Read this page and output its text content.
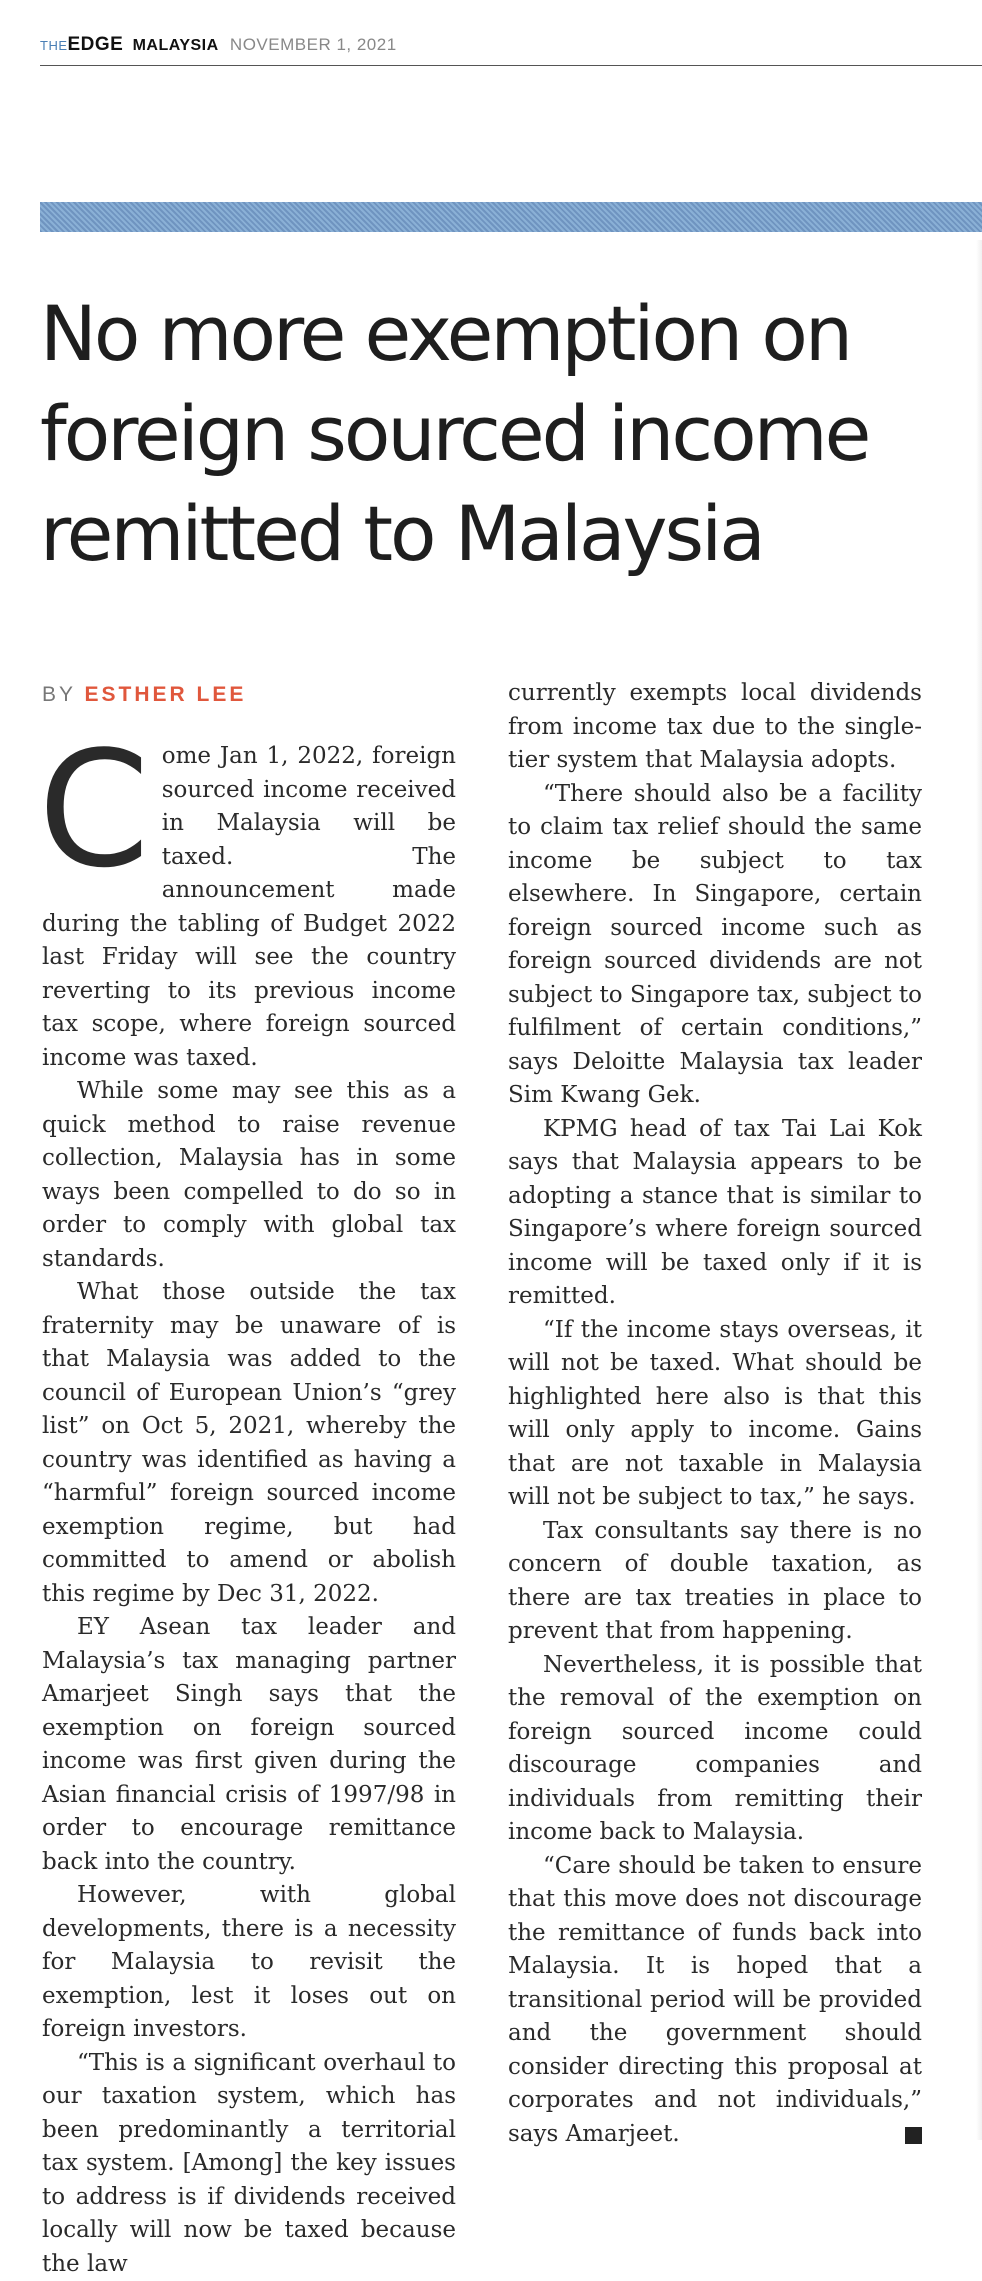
THEEDGE MALAYSIA NOVEMBER 1, 2021
No more exemption on foreign sourced income remitted to Malaysia
BY ESTHER LEE
C ome Jan 1, 2022, foreign sourced income received in Malaysia will be taxed. The announcement made during the tabling of Budget 2022 last Friday will see the country reverting to its previous income tax scope, where foreign sourced income was taxed.

While some may see this as a quick method to raise revenue collection, Malaysia has in some ways been compelled to do so in order to comply with global tax standards.

What those outside the tax fraternity may be unaware of is that Malaysia was added to the council of European Union’s “grey list” on Oct 5, 2021, whereby the country was identified as having a “harmful” foreign sourced income exemption regime, but had committed to amend or abolish this regime by Dec 31, 2022.

EY Asean tax leader and Malaysia’s tax managing partner Amarjeet Singh says that the exemption on foreign sourced income was first given during the Asian financial crisis of 1997/98 in order to encourage remittance back into the country.

However, with global developments, there is a necessity for Malaysia to revisit the exemption, lest it loses out on foreign investors.

“This is a significant overhaul to our taxation system, which has been predominantly a territorial tax system. [Among] the key issues to address is if dividends received locally will now be taxed because the law

currently exempts local dividends from income tax due to the single-tier system that Malaysia adopts.

“There should also be a facility to claim tax relief should the same income be subject to tax elsewhere. In Singapore, certain foreign sourced income such as foreign sourced dividends are not subject to Singapore tax, subject to fulfilment of certain conditions,” says Deloitte Malaysia tax leader Sim Kwang Gek.

KPMG head of tax Tai Lai Kok says that Malaysia appears to be adopting a stance that is similar to Singapore’s where foreign sourced income will be taxed only if it is remitted.

“If the income stays overseas, it will not be taxed. What should be highlighted here also is that this will only apply to income. Gains that are not taxable in Malaysia will not be subject to tax,” he says.

Tax consultants say there is no concern of double taxation, as there are tax treaties in place to prevent that from happening.

Nevertheless, it is possible that the removal of the exemption on foreign sourced income could discourage companies and individuals from remitting their income back to Malaysia.

“Care should be taken to ensure that this move does not discourage the remittance of funds back into Malaysia. It is hoped that a transitional period will be provided and the government should consider directing this proposal at corporates and not individuals,” says Amarjeet.	E
